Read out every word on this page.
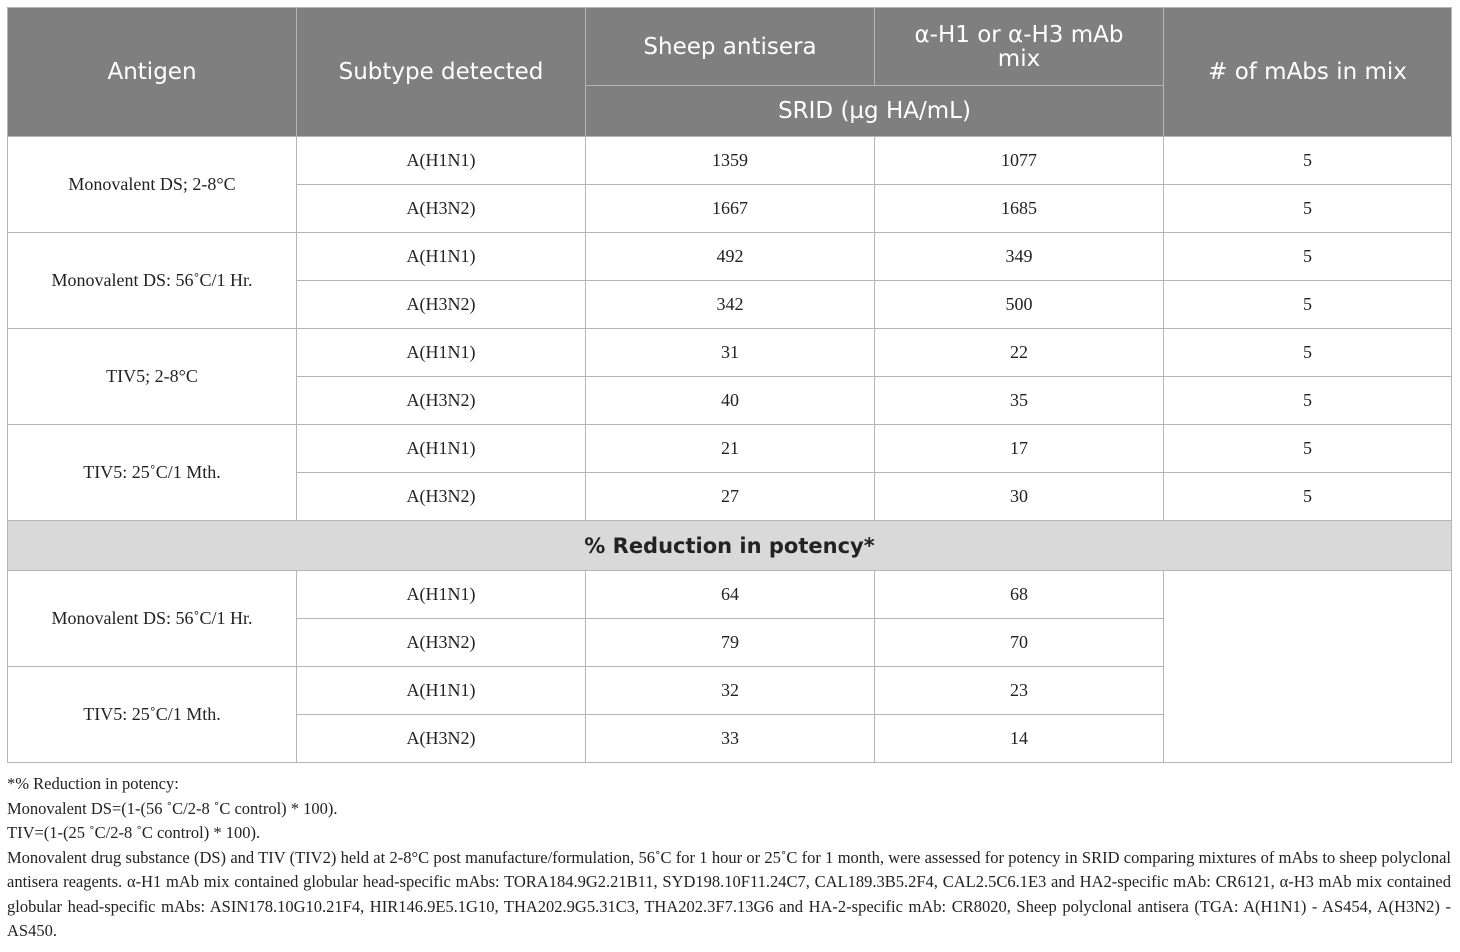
Antigen	Subtype detected	Sheep antisera	α-H1 or α-H3 mAb mix	# of mAbs in mix
		SRID (µg HA/mL)		
Monovalent DS; 2-8°C	A(H1N1)	1359	1077	5
	A(H3N2)	1667	1685	5
Monovalent DS: 56˚C/1 Hr.	A(H1N1)	492	349	5
	A(H3N2)	342	500	5
TIV5; 2-8°C	A(H1N1)	31	22	5
	A(H3N2)	40	35	5
TIV5: 25˚C/1 Mth.	A(H1N1)	21	17	5
	A(H3N2)	27	30	5
% Reduction in potency*				
Monovalent DS: 56˚C/1 Hr.	A(H1N1)	64	68	
	A(H3N2)	79	70	
TIV5: 25˚C/1 Mth.	A(H1N1)	32	23	
	A(H3N2)	33	14	

*% Reduction in potency:

Monovalent DS=(1-(56 ˚C/2-8 ˚C control) * 100).

TIV=(1-(25 ˚C/2-8 ˚C control) * 100).

Monovalent drug substance (DS) and TIV (TIV2) held at 2-8°C post manufacture/formulation, 56˚C for 1 hour or 25˚C for 1 month, were assessed for potency in SRID comparing mixtures of mAbs to sheep polyclonal antisera reagents. α-H1 mAb mix contained globular head-specific mAbs: TORA184.9G2.21B11, SYD198.10F11.24C7, CAL189.3B5.2F4, CAL2.5C6.1E3 and HA2-specific mAb: CR6121, α-H3 mAb mix contained globular head-specific mAbs: ASIN178.10G10.21F4, HIR146.9E5.1G10, THA202.9G5.31C3, THA202.3F7.13G6 and HA-2-specific mAb: CR8020, Sheep polyclonal antisera (TGA: A(H1N1) - AS454, A(H3N2) - AS450.
